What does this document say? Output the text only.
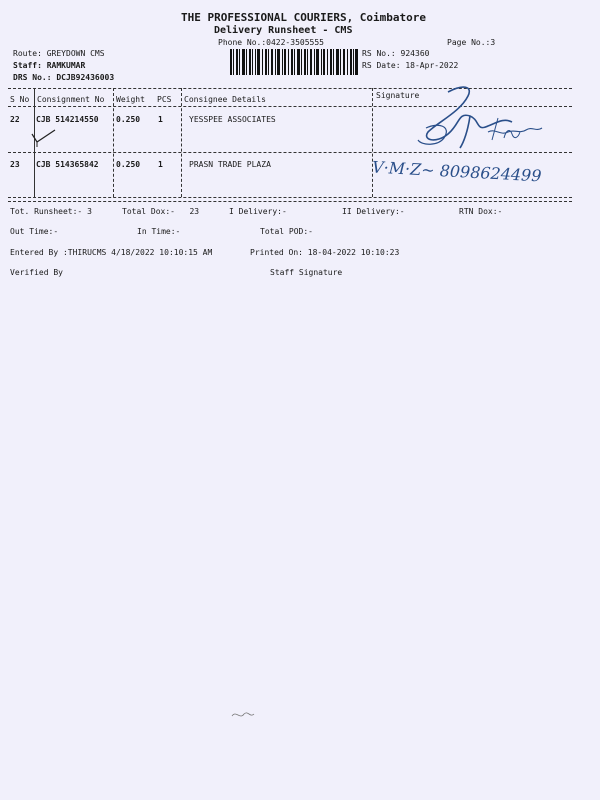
THE PROFESSIONAL COURIERS, Coimbatore
Delivery Runsheet - CMS
Phone No.:0422-3505555	Page No.:3
Route: GREYDOWN CMS
Staff: RAMKUMAR
DRS No.: DCJB92436003
RS No.: 924360
RS Date: 18-Apr-2022
S No Consignment No Weight PCS Consignee Details	Signature
22 CJB 514214550 0.250 1	YESSPEE ASSOCIATES
23 CJB 514365842 0.250 1	PRASN TRADE PLAZA	V·M·Z~ 8098624499
Tot. Runsheet:- 3	Total Dox:- 23	I Delivery:-	II Delivery:-	RTN Dox:-
Out Time:-	In Time:-	Total POD:-
Entered By :THIRUCMS 4/18/2022 10:10:15 AM	Printed On: 18-04-2022 10:10:23
Verified By	Staff Signature
